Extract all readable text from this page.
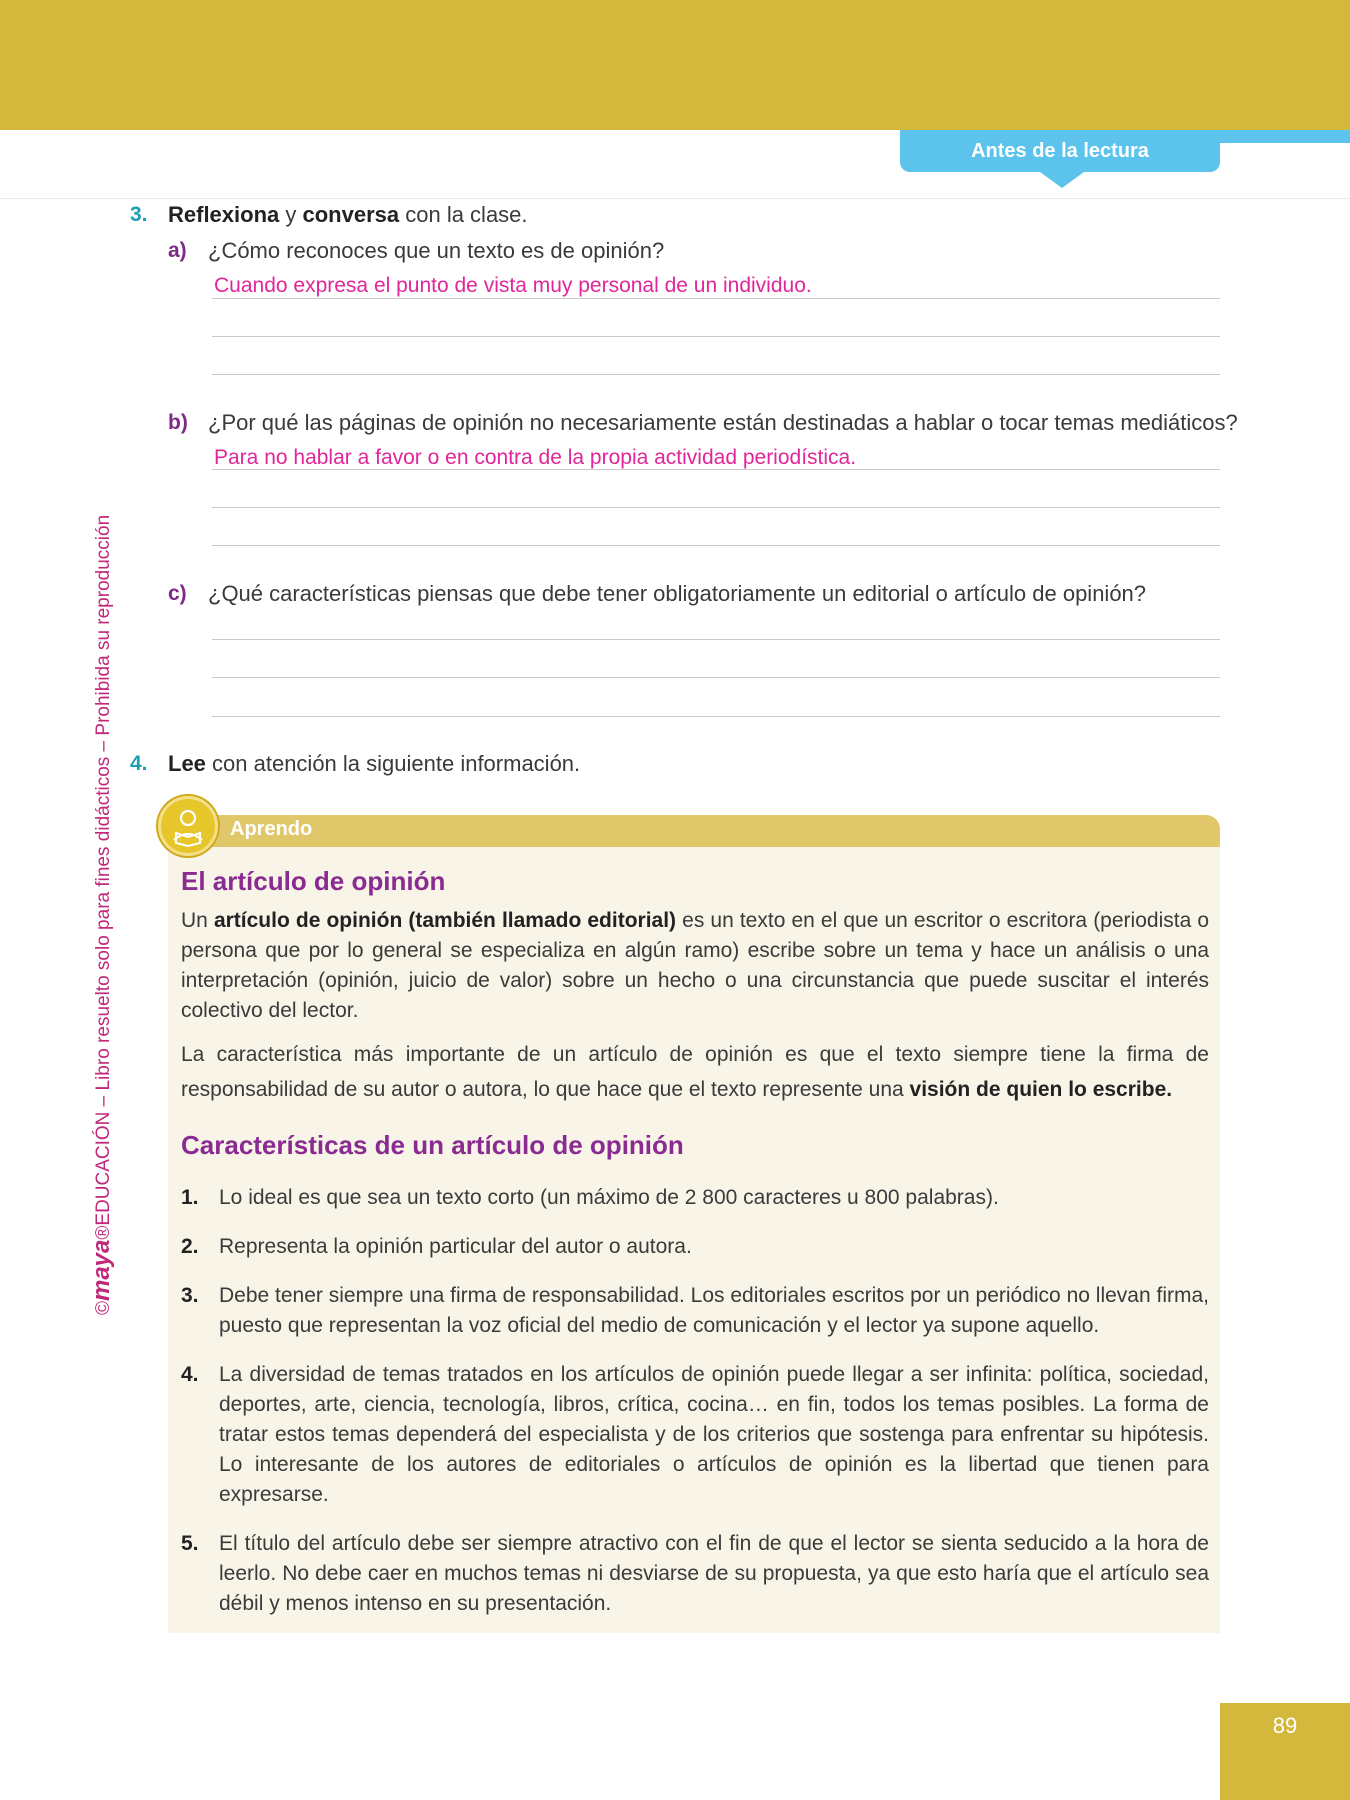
Antes de la lectura
©maya®EDUCACIÓN – Libro resuelto solo para fines didácticos – Prohibida su reproducción
3. Reflexiona y conversa con la clase.
a) ¿Cómo reconoces que un texto es de opinión?
Cuando expresa el punto de vista muy personal de un individuo.
b) ¿Por qué las páginas de opinión no necesariamente están destinadas a hablar o tocar temas mediáticos?
Para no hablar a favor o en contra de la propia actividad periodística.
c) ¿Qué características piensas que debe tener obligatoriamente un editorial o artículo de opinión?
4. Lee con atención la siguiente información.
Aprendo
El artículo de opinión

Un artículo de opinión (también llamado editorial) es un texto en el que un escritor o escritora (periodista o persona que por lo general se especializa en algún ramo) escribe sobre un tema y hace un análisis o una interpretación (opinión, juicio de valor) sobre un hecho o una circunstancia que puede suscitar el interés colectivo del lector.

La característica más importante de un artículo de opinión es que el texto siempre tiene la firma de responsabilidad de su autor o autora, lo que hace que el texto represente una visión de quien lo escribe.

Características de un artículo de opinión
1. Lo ideal es que sea un texto corto (un máximo de 2 800 caracteres u 800 palabras).
2. Representa la opinión particular del autor o autora.
3. Debe tener siempre una firma de responsabilidad. Los editoriales escritos por un periódico no llevan firma, puesto que representan la voz oficial del medio de comunicación y el lector ya supone aquello.
4. La diversidad de temas tratados en los artículos de opinión puede llegar a ser infinita: política, sociedad, deportes, arte, ciencia, tecnología, libros, crítica, cocina… en fin, todos los temas posibles. La forma de tratar estos temas dependerá del especialista y de los criterios que sostenga para enfrentar su hipótesis. Lo interesante de los autores de editoriales o artículos de opinión es la libertad que tienen para expresarse.
5. El título del artículo debe ser siempre atractivo con el fin de que el lector se sienta seducido a la hora de leerlo. No debe caer en muchos temas ni desviarse de su propuesta, ya que esto haría que el artículo sea débil y menos intenso en su presentación.
89
